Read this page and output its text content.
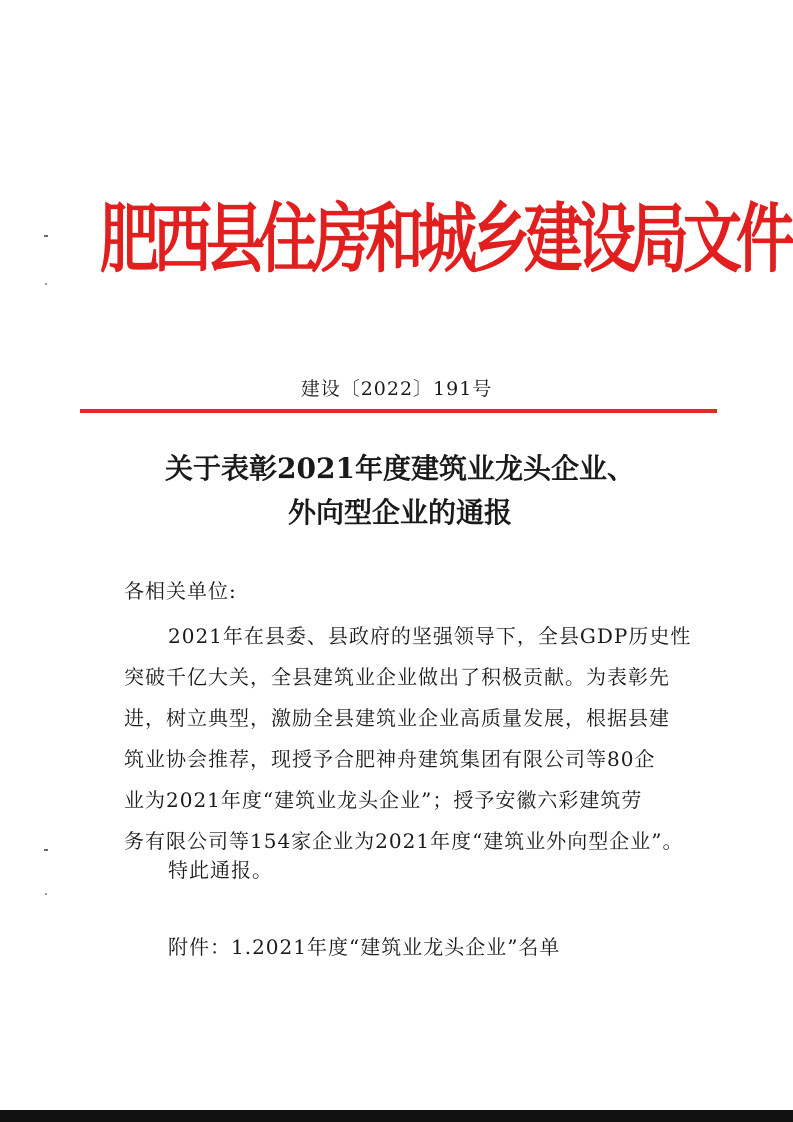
肥西县住房和城乡建设局文件
建设〔2022〕191号
关于表彰2021年度建筑业龙头企业、
外向型企业的通报
各相关单位:
2021年在县委、县政府的坚强领导下，全县GDP历史性
突破千亿大关，全县建筑业企业做出了积极贡献。为表彰先
进，树立典型，激励全县建筑业企业高质量发展，根据县建
筑业协会推荐，现授予合肥神舟建筑集团有限公司等80企
业为2021年度“建筑业龙头企业”；授予安徽六彩建筑劳
务有限公司等154家企业为2021年度“建筑业外向型企业”。
特此通报。
附件：1.2021年度“建筑业龙头企业”名单
